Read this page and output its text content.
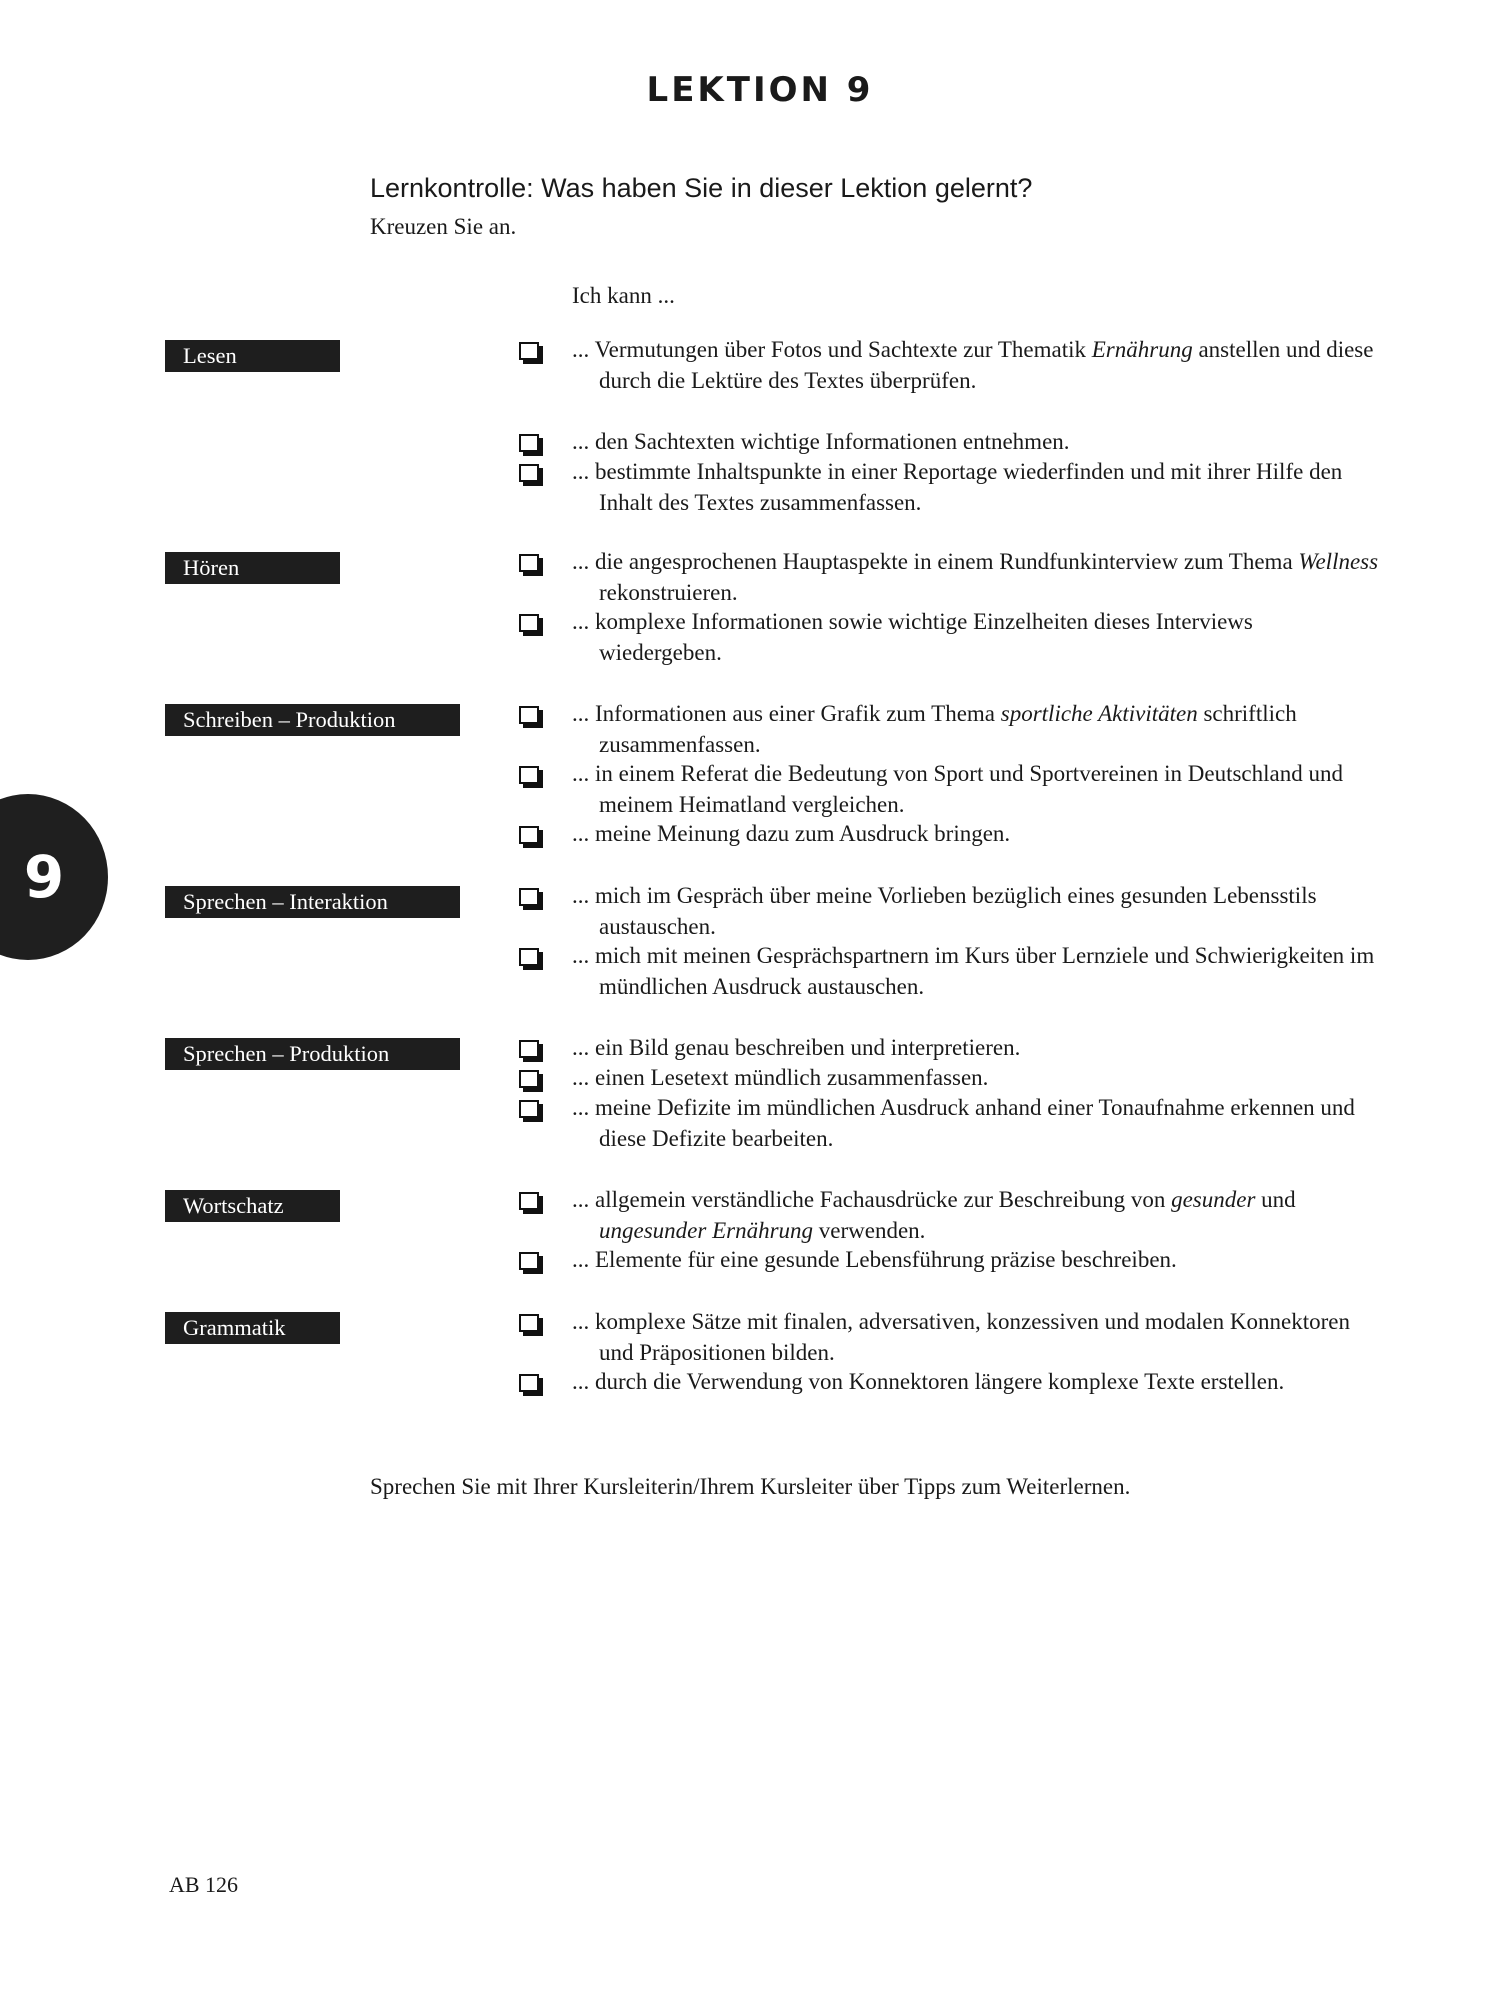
LEKTION 9
Lernkontrolle: Was haben Sie in dieser Lektion gelernt?
Kreuzen Sie an.
Ich kann ...
9
Lesen	... Vermutungen über Fotos und Sachtexte zur Thematik Ernährung anstellen und diese durch die Lektüre des Textes überprüfen.
... den Sachtexten wichtige Informationen entnehmen.
... bestimmte Inhaltspunkte in einer Reportage wiederfinden und mit ihrer Hilfe den Inhalt des Textes zusammenfassen.
Hören	... die angesprochenen Hauptaspekte in einem Rundfunkinterview zum Thema Wellness rekonstruieren.
... komplexe Informationen sowie wichtige Einzelheiten dieses Interviews wiedergeben.
Schreiben – Produktion	... Informationen aus einer Grafik zum Thema sportliche Aktivitäten schriftlich zusammenfassen.
... in einem Referat die Bedeutung von Sport und Sportvereinen in Deutschland und meinem Heimatland vergleichen.
... meine Meinung dazu zum Ausdruck bringen.
Sprechen – Interaktion	... mich im Gespräch über meine Vorlieben bezüglich eines gesunden Lebensstils austauschen.
... mich mit meinen Gesprächspartnern im Kurs über Lernziele und Schwierigkeiten im mündlichen Ausdruck austauschen.
Sprechen – Produktion	... ein Bild genau beschreiben und interpretieren.
... einen Lesetext mündlich zusammenfassen.
... meine Defizite im mündlichen Ausdruck anhand einer Tonaufnahme erkennen und diese Defizite bearbeiten.
Wortschatz	... allgemein verständliche Fachausdrücke zur Beschreibung von gesunder und ungesunder Ernährung verwenden.
... Elemente für eine gesunde Lebensführung präzise beschreiben.
Grammatik	... komplexe Sätze mit finalen, adversativen, konzessiven und modalen Konnektoren und Präpositionen bilden.
... durch die Verwendung von Konnektoren längere komplexe Texte erstellen.
Sprechen Sie mit Ihrer Kursleiterin/Ihrem Kursleiter über Tipps zum Weiterlernen.
AB 126
